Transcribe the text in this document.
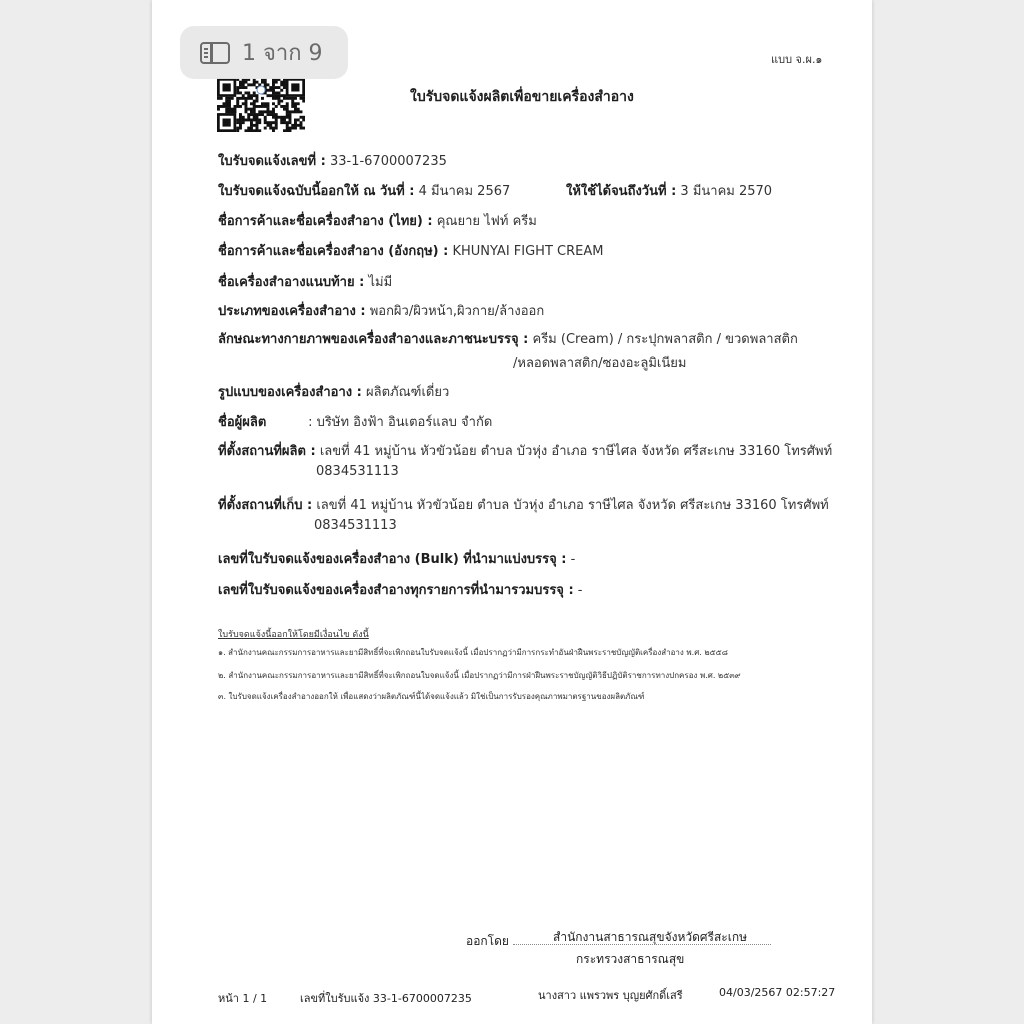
แบบ จ.ผ.๑
ใบรับจดแจ้งผลิตเพื่อขายเครื่องสำอาง
ใบรับจดแจ้งเลขที่ : 33-1-6700007235
ใบรับจดแจ้งฉบับนี้ออกให้ ณ วันที่ : 4 มีนาคม 2567	ให้ใช้ได้จนถึงวันที่ : 3 มีนาคม 2570
ชื่อการค้าและชื่อเครื่องสำอาง (ไทย) : คุณยาย ไฟท์ ครีม
ชื่อการค้าและชื่อเครื่องสำอาง (อังกฤษ) : KHUNYAI FIGHT CREAM
ชื่อเครื่องสำอางแนบท้าย : ไม่มี
ประเภทของเครื่องสำอาง : พอกผิว/ผิวหน้า,ผิวกาย/ล้างออก
ลักษณะทางกายภาพของเครื่องสำอางและภาชนะบรรจุ : ครีม (Cream) / กระปุกพลาสติก / ขวดพลาสติก
/หลอดพลาสติก/ซองอะลูมิเนียม
รูปแบบของเครื่องสำอาง : ผลิตภัณฑ์เดี่ยว
ชื่อผู้ผลิต	: บริษัท อิงฟ้า อินเตอร์แลบ จำกัด
ที่ตั้งสถานที่ผลิต : เลขที่ 41 หมู่บ้าน หัวขัวน้อย ตำบล บัวหุ่ง อำเภอ ราษีไศล จังหวัด ศรีสะเกษ 33160 โทรศัพท์
0834531113
ที่ตั้งสถานที่เก็บ : เลขที่ 41 หมู่บ้าน หัวขัวน้อย ตำบล บัวหุ่ง อำเภอ ราษีไศล จังหวัด ศรีสะเกษ 33160 โทรศัพท์
0834531113
เลขที่ใบรับจดแจ้งของเครื่องสำอาง (Bulk) ที่นำมาแบ่งบรรจุ : -
เลขที่ใบรับจดแจ้งของเครื่องสำอางทุกรายการที่นำมารวมบรรจุ : -
ใบรับจดแจ้งนี้ออกให้โดยมีเงื่อนไข ดังนี้
๑. สำนักงานคณะกรรมการอาหารและยามีสิทธิ์ที่จะเพิกถอนใบรับจดแจ้งนี้ เมื่อปรากฏว่ามีการกระทำอันฝ่าฝืนพระราชบัญญัติเครื่องสำอาง พ.ศ. ๒๕๕๘
๒. สำนักงานคณะกรรมการอาหารและยามีสิทธิ์ที่จะเพิกถอนใบจดแจ้งนี้ เมื่อปรากฏว่ามีการฝ่าฝืนพระราชบัญญัติวิธีปฏิบัติราชการทางปกครอง พ.ศ. ๒๕๓๙
๓. ใบรับจดแจ้งเครื่องสำอางออกให้ เพื่อแสดงว่าผลิตภัณฑ์นี้ได้จดแจ้งแล้ว มิใช่เป็นการรับรองคุณภาพมาตรฐานของผลิตภัณฑ์
ออกโดย	สำนักงานสาธารณสุขจังหวัดศรีสะเกษ
กระทรวงสาธารณสุข
หน้า 1 / 1	เลขที่ใบรับแจ้ง 33-1-6700007235	นางสาว แพรวพร บุญยศักดิ์เสรี	04/03/2567 02:57:27
1 จาก 9
